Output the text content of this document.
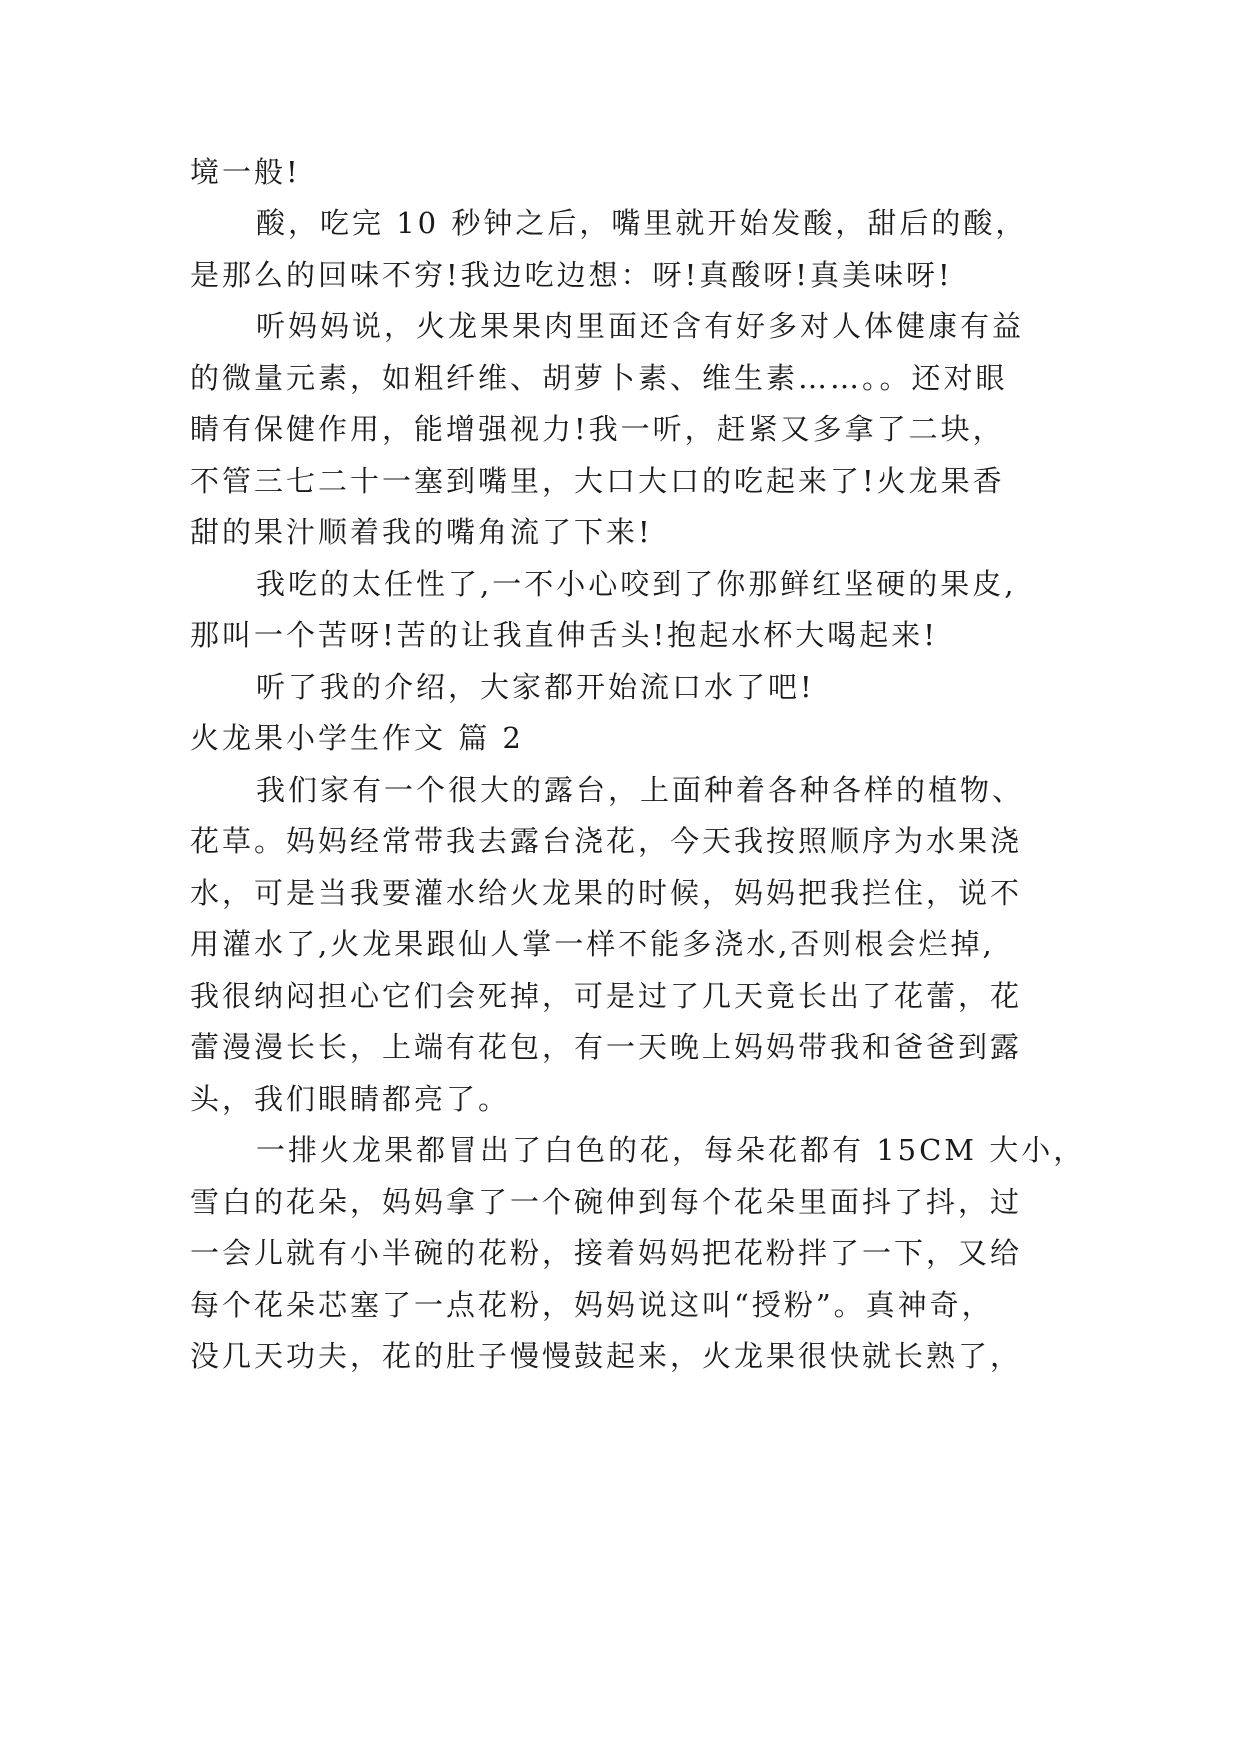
境一般!
酸，吃完 10 秒钟之后，嘴里就开始发酸，甜后的酸，
是那么的回味不穷!我边吃边想：呀!真酸呀!真美味呀!
听妈妈说，火龙果果肉里面还含有好多对人体健康有益
的微量元素，如粗纤维、胡萝卜素、维生素……。。还对眼
睛有保健作用，能增强视力!我一听，赶紧又多拿了二块，
不管三七二十一塞到嘴里，大口大口的吃起来了!火龙果香
甜的果汁顺着我的嘴角流了下来!
我吃的太任性了,一不小心咬到了你那鲜红坚硬的果皮,
那叫一个苦呀!苦的让我直伸舌头!抱起水杯大喝起来!
听了我的介绍，大家都开始流口水了吧!
火龙果小学生作文 篇 2
我们家有一个很大的露台，上面种着各种各样的植物、
花草。妈妈经常带我去露台浇花，今天我按照顺序为水果浇
水，可是当我要灌水给火龙果的时候，妈妈把我拦住，说不
用灌水了,火龙果跟仙人掌一样不能多浇水,否则根会烂掉,
我很纳闷担心它们会死掉，可是过了几天竟长出了花蕾，花
蕾漫漫长长，上端有花包，有一天晚上妈妈带我和爸爸到露
头，我们眼睛都亮了。
一排火龙果都冒出了白色的花，每朵花都有 15CM 大小，
雪白的花朵，妈妈拿了一个碗伸到每个花朵里面抖了抖，过
一会儿就有小半碗的花粉，接着妈妈把花粉拌了一下，又给
每个花朵芯塞了一点花粉，妈妈说这叫“授粉”。真神奇，
没几天功夫，花的肚子慢慢鼓起来，火龙果很快就长熟了，
